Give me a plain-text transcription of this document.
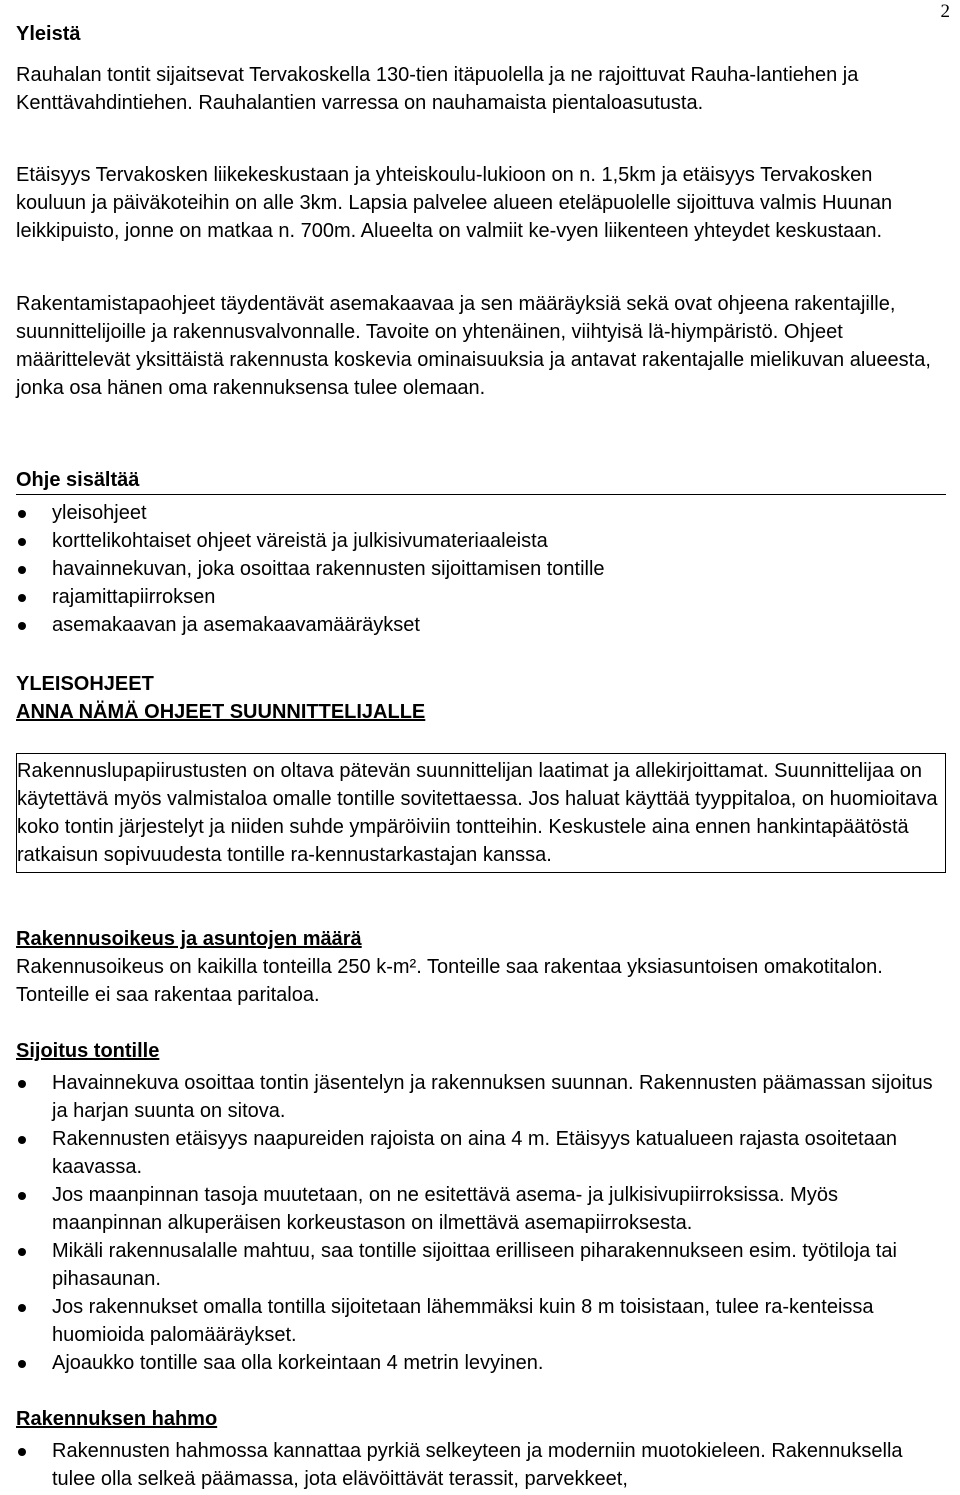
2

Yleistä

Rauhalan tontit sijaitsevat Tervakoskella 130-tien itäpuolella ja ne rajoittuvat Rauha-lantiehen ja Kenttävahdintiehen. Rauhalantien varressa on nauhamaista pientaloasutusta.

Etäisyys Tervakosken liikekeskustaan ja yhteiskoulu-lukioon on n. 1,5km ja etäisyys Tervakosken kouluun ja päiväkoteihin on alle 3km. Lapsia palvelee alueen eteläpuolelle sijoittuva valmis Huunan leikkipuisto, jonne on matkaa n. 700m. Alueelta on valmiit ke-vyen liikenteen yhteydet keskustaan.

Rakentamistapaohjeet täydentävät asemakaavaa ja sen määräyksiä sekä ovat ohjeena rakentajille, suunnittelijoille ja rakennusvalvonnalle. Tavoite on yhtenäinen, viihtyisä lä-hiympäristö. Ohjeet määrittelevät yksittäistä rakennusta koskevia ominaisuuksia ja antavat rakentajalle mielikuvan alueesta, jonka osa hänen oma rakennuksensa tulee olemaan.

Ohje sisältää

yleisohjeet
korttelikohtaiset ohjeet väreistä ja julkisivumateriaaleista
havainnekuvan, joka osoittaa rakennusten sijoittamisen tontille
rajamittapiirroksen
asemakaavan ja asemakaavamääräykset

YLEISOHJEET

ANNA NÄMÄ OHJEET SUUNNITTELIJALLE

Rakennuslupapiirustusten on oltava pätevän suunnittelijan laatimat ja allekirjoittamat. Suunnittelijaa on käytettävä myös valmistaloa omalle tontille sovitettaessa. Jos haluat käyttää tyyppitaloa, on huomioitava koko tontin järjestelyt ja niiden suhde ympäröiviin tontteihin. Keskustele aina ennen hankintapäätöstä ratkaisun sopivuudesta tontille ra-kennustarkastajan kanssa.

Rakennusoikeus ja asuntojen määrä

Rakennusoikeus on kaikilla tonteilla 250 k-m². Tonteille saa rakentaa yksiasuntoisen omakotitalon. Tonteille ei saa rakentaa paritaloa.

Sijoitus tontille

Havainnekuva osoittaa tontin jäsentelyn ja rakennuksen suunnan. Rakennusten päämassan sijoitus ja harjan suunta on sitova.
Rakennusten etäisyys naapureiden rajoista on aina 4 m. Etäisyys katualueen rajasta osoitetaan kaavassa.
Jos maanpinnan tasoja muutetaan, on ne esitettävä asema- ja julkisivupiirroksissa. Myös maanpinnan alkuperäisen korkeustason on ilmettävä asemapiirroksesta.
Mikäli rakennusalalle mahtuu, saa tontille sijoittaa erilliseen piharakennukseen esim. työtiloja tai pihasaunan.
Jos rakennukset omalla tontilla sijoitetaan lähemmäksi kuin 8 m toisistaan, tulee ra-kenteissa huomioida palomääräykset.
Ajoaukko tontille saa olla korkeintaan 4 metrin levyinen.

Rakennuksen hahmo

Rakennusten hahmossa kannattaa pyrkiä selkeyteen ja moderniin muotokieleen. Rakennuksella tulee olla selkeä päämassa, jota elävöittävät terassit, parvekkeet,
